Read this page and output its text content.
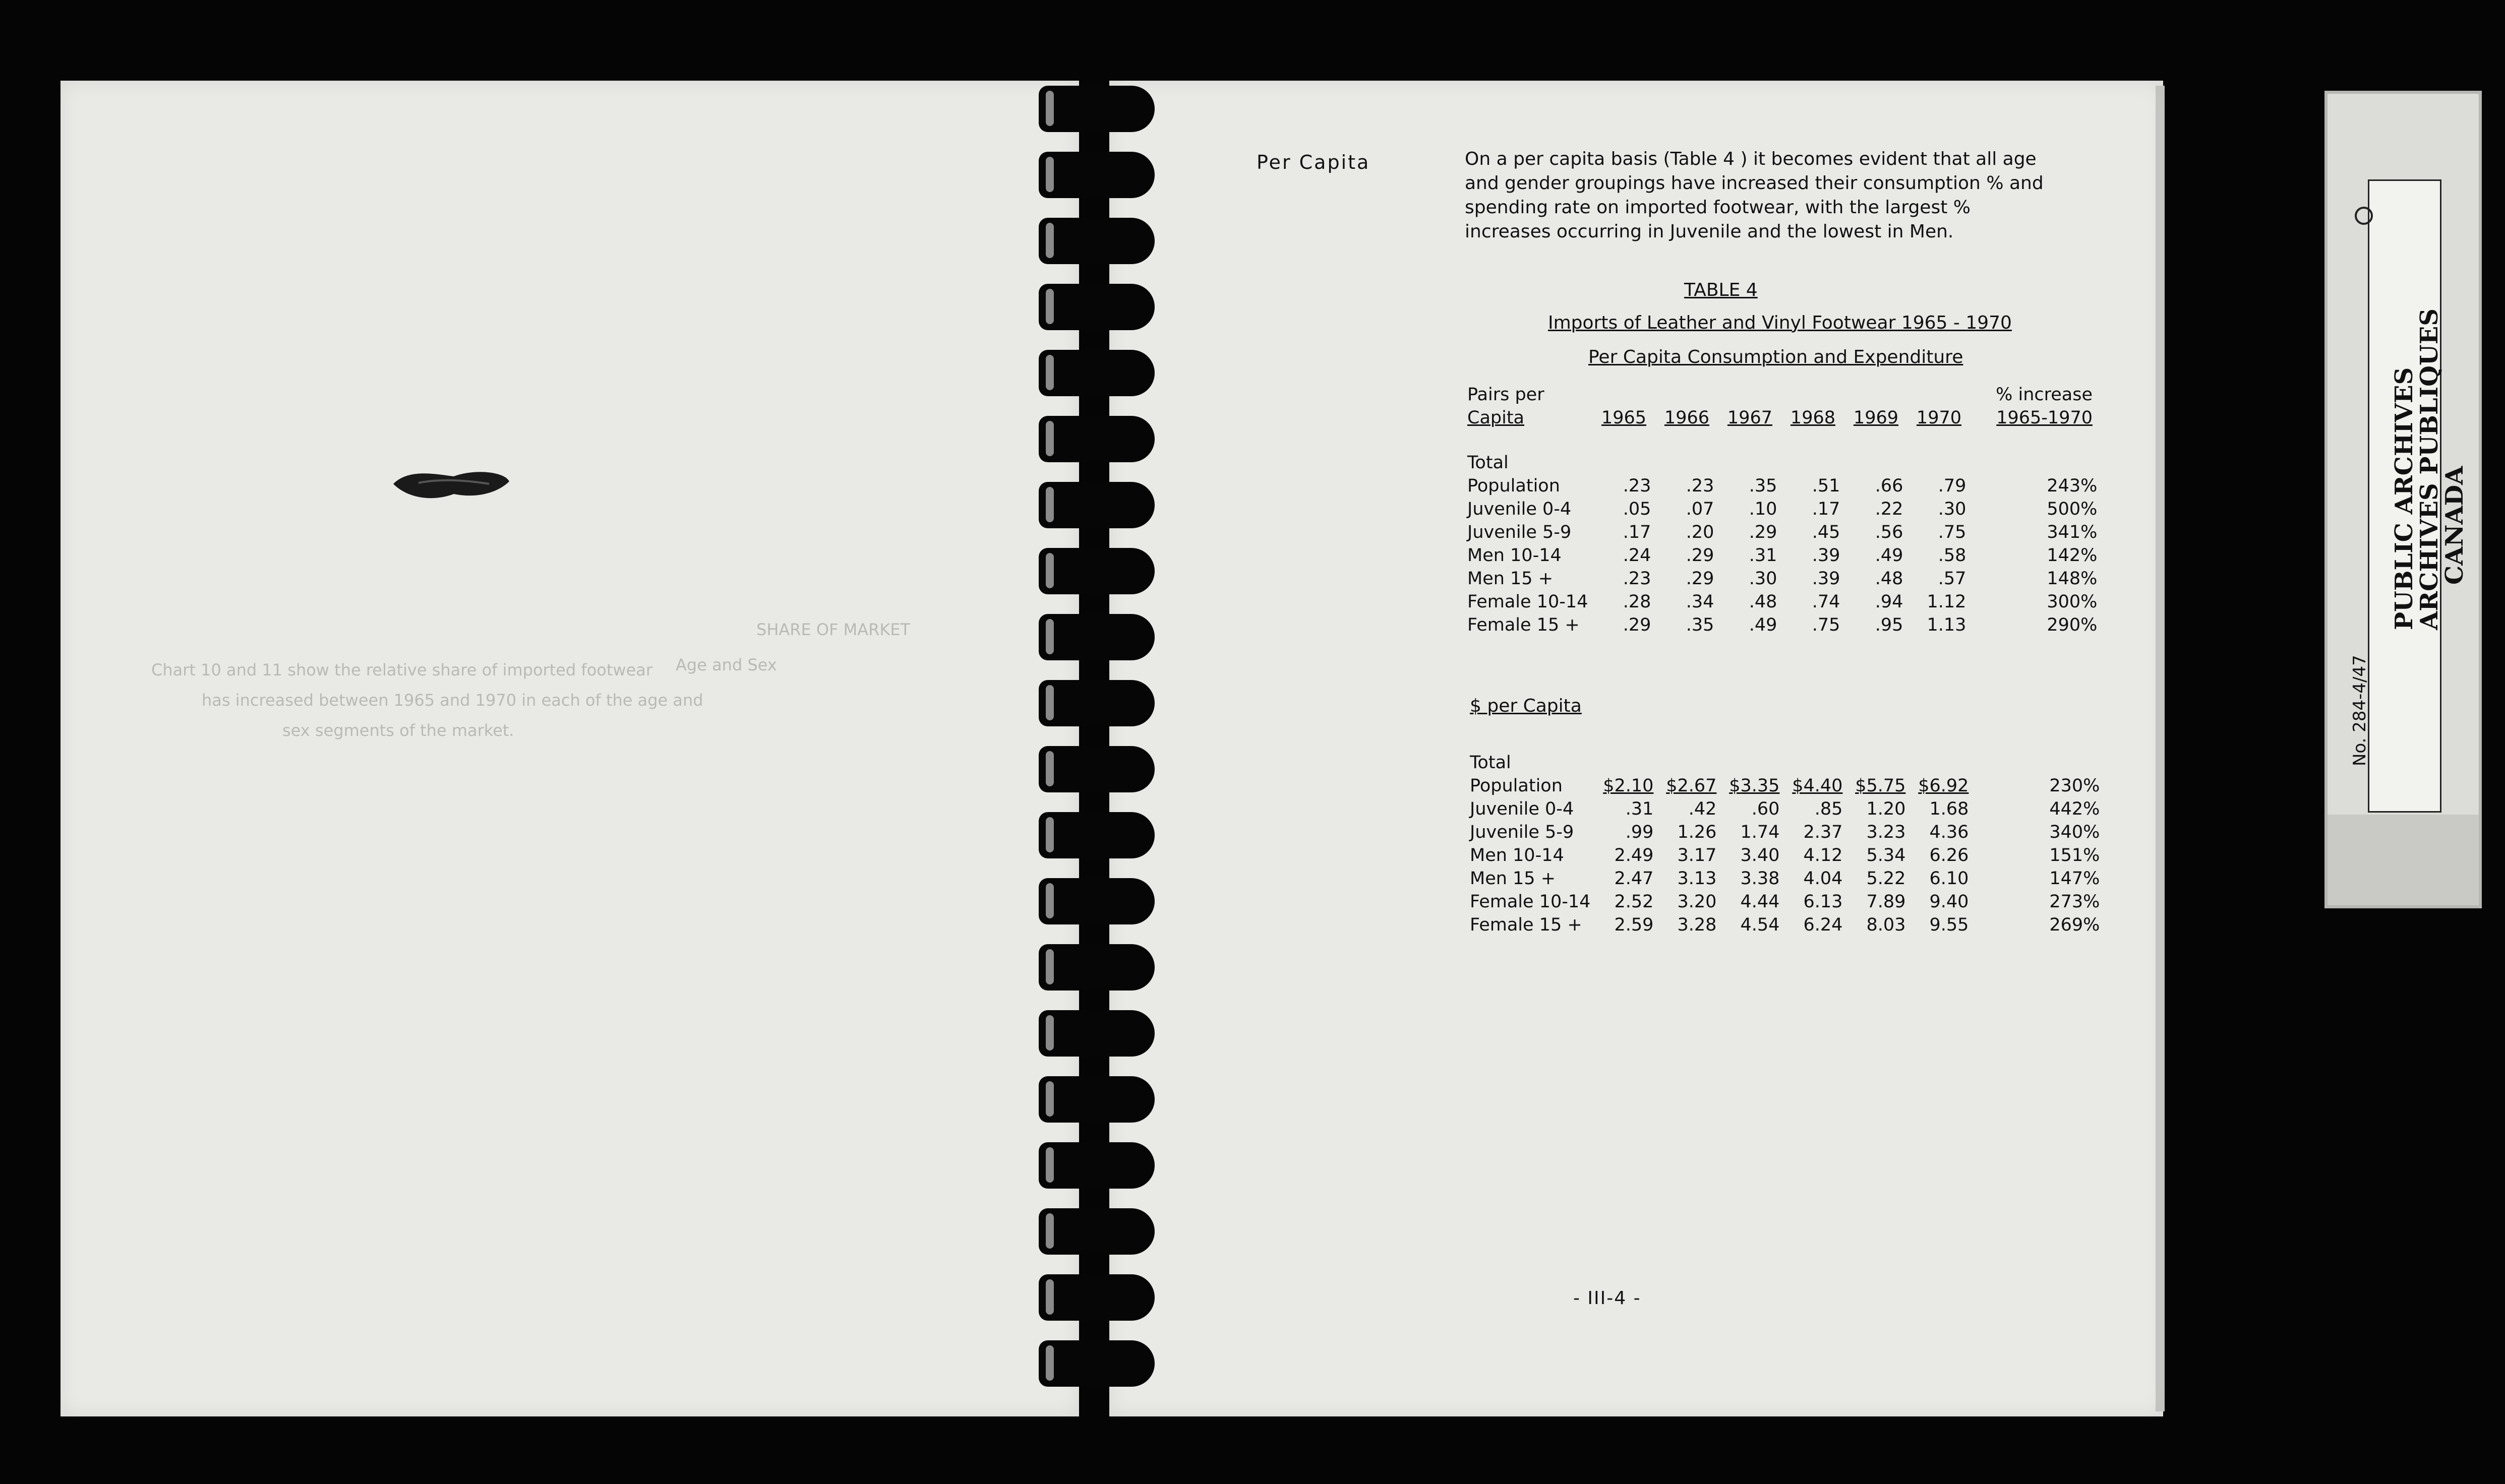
SHARE OF MARKET
Age and Sex
Chart 10 and 11 show the relative share of imported footwear
has increased between 1965 and 1970 in each of the age and
sex segments of the market.
Per Capita	On a per capita basis (Table 4 ) it becomes evident that all age and gender groupings have increased their consumption % and spending rate on imported footwear, with the largest % increases occurring in Juvenile and the lowest in Men.
TABLE 4
Imports of Leather and Vinyl Footwear 1965 - 1970
Per Capita Consumption and Expenditure
Pairs per							% increase
Capita	1965	1966	1967	1968	1969	1970	1965-1970
Total							
Population	.23	.23	.35	.51	.66	.79	243%
Juvenile 0-4	.05	.07	.10	.17	.22	.30	500%
Juvenile 5-9	.17	.20	.29	.45	.56	.75	341%
Men 10-14	.24	.29	.31	.39	.49	.58	142%
Men 15 +	.23	.29	.30	.39	.48	.57	148%
Female 10-14	.28	.34	.48	.74	.94	1.12	300%
Female 15 +	.29	.35	.49	.75	.95	1.13	290%
$ per Capita
Total							
Population	$2.10	$2.67	$3.35	$4.40	$5.75	$6.92	230%
Juvenile 0-4	.31	.42	.60	.85	1.20	1.68	442%
Juvenile 5-9	.99	1.26	1.74	2.37	3.23	4.36	340%
Men 10-14	2.49	3.17	3.40	4.12	5.34	6.26	151%
Men 15 +	2.47	3.13	3.38	4.04	5.22	6.10	147%
Female 10-14	2.52	3.20	4.44	6.13	7.89	9.40	273%
Female 15 +	2.59	3.28	4.54	6.24	8.03	9.55	269%
- III-4 -
No. 284-4/47
PUBLIC ARCHIVES
ARCHIVES PUBLIQUES
CANADA
